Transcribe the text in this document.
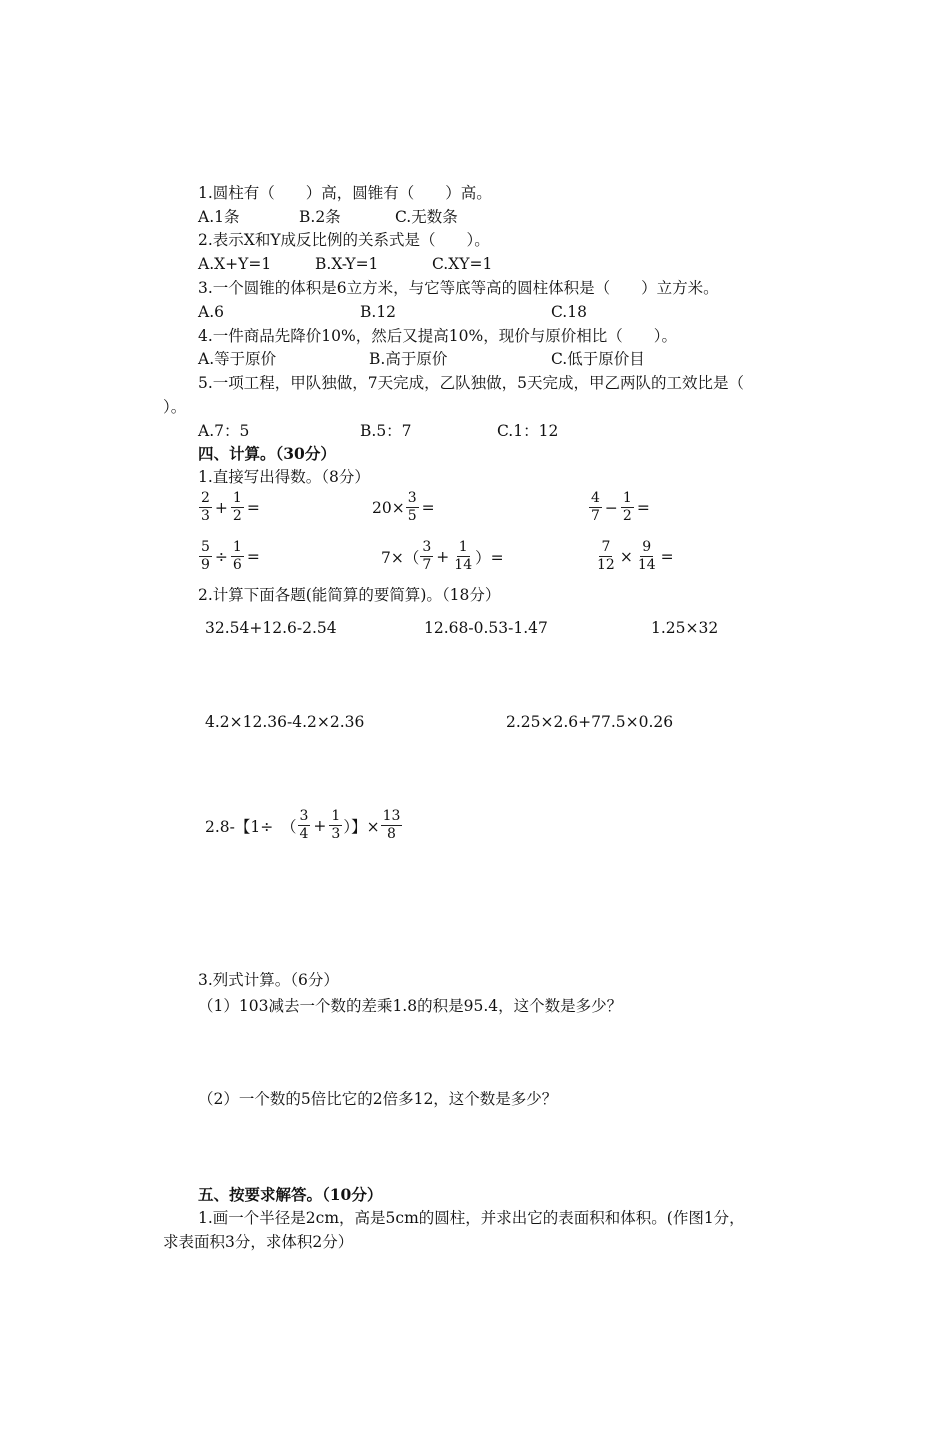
1.圆柱有（　　）高，圆锥有（　　）高。
A.1条	B.2条	C.无数条
2.表示X和Y成反比例的关系式是（　　）。
A.X+Y=1	B.X-Y=1	C.XY=1
3.一个圆锥的体积是6立方米，与它等底等高的圆柱体积是（　　）立方米。
A.6	B.12	C.18
4.一件商品先降价10%，然后又提高10%，现价与原价相比（　　）。
A.等于原价	B.高于原价	C.低于原价目
5.一项工程，甲队独做，7天完成，乙队独做，5天完成，甲乙两队的工效比是（
）。
A.7：5	B.5：7	C.1：12
四、计算。（30分）
1.直接写出得数。（8分）
$\frac{2}{3} + \frac{1}{2}$ =	$20\times \frac{3}{5}$ =	$\frac{4}{7} - \frac{1}{2}$ =
$\frac{5}{9} \div \frac{1}{6}$ =	$7\times( \frac{3}{7} + \frac{1}{14}$ ）=	$\frac{7}{12} \times \frac{9}{14}$ =
2.计算下面各题(能简算的要简算)。（18分）
32.54+12.6-2.54	12.68-0.53-1.47	1.25×32
4.2×12.36-4.2×2.36	2.25×2.6+77.5×0.26
2.8-【1÷　（ $\frac{3}{4} + \frac{1}{3}$ ）】× $\frac{13}{8}$
3.列式计算。（6分）
（1）103减去一个数的差乘1.8的积是95.4，这个数是多少？
（2）一个数的5倍比它的2倍多12，这个数是多少？
五、按要求解答。（10分）
1.画一个半径是2cm，高是5cm的圆柱，并求出它的表面积和体积。(作图1分，
求表面积3分，求体积2分）
